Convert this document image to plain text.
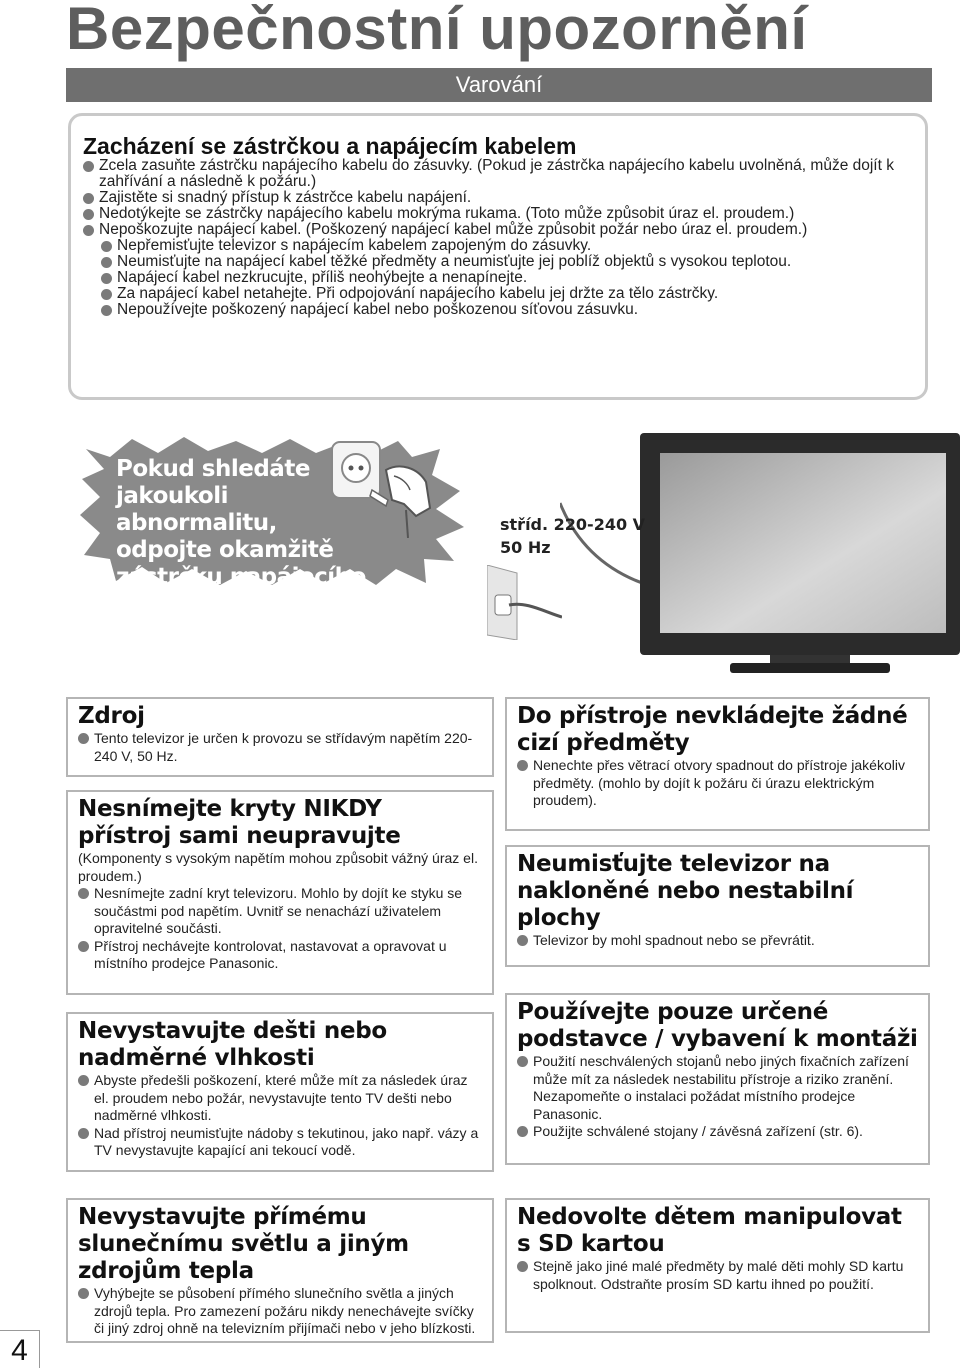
Bezpečnostní upozornění
Varování
Zacházení se zástrčkou a napájecím kabelem
Zcela zasuňte zástrčku napájecího kabelu do zásuvky. (Pokud je zástrčka napájecího kabelu uvolněná, může dojít k zahřívání a následně k požáru.)
Zajistěte si snadný přístup k zástrčce kabelu napájení.
Nedotýkejte se zástrčky napájecího kabelu mokrýma rukama. (Toto může způsobit úraz el. proudem.)
Nepoškozujte napájecí kabel. (Poškozený napájecí kabel může způsobit požár nebo úraz el. proudem.)
Nepřemisťujte televizor s napájecím kabelem zapojeným do zásuvky.
Neumisťujte na napájecí kabel těžké předměty a neumisťujte jej poblíž objektů s vysokou teplotou.
Napájecí kabel nezkrucujte, příliš neohýbejte a nenapínejte.
Za napájecí kabel netahejte. Při odpojování napájecího kabelu jej držte za tělo zástrčky.
Nepoužívejte poškozený napájecí kabel nebo poškozenou síťovou zásuvku.
Pokud shledáte jakoukoli abnormalitu, odpojte okamžitě zástrčku napájecího kabelu.
stříd. 220-240 V
50 Hz
Zdroj
Tento televizor je určen k provozu se střídavým napětím 220-240 V, 50 Hz.
Nesnímejte kryty NIKDY přístroj sami neupravujte

(Komponenty s vysokým napětím mohou způsobit vážný úraz el. proudem.)

Nesnímejte zadní kryt televizoru. Mohlo by dojít ke styku se součástmi pod napětím. Uvnitř se nenachází uživatelem opravitelné součásti.
Přístroj nechávejte kontrolovat, nastavovat a opravovat u místního prodejce Panasonic.
Nevystavujte dešti nebo nadměrné vlhkosti
Abyste předešli poškození, které může mít za následek úraz el. proudem nebo požár, nevystavujte tento TV dešti nebo nadměrné vlhkosti.
Nad přístroj neumisťujte nádoby s tekutinou, jako např. vázy a TV nevystavujte kapající ani tekoucí vodě.
Nevystavujte přímému slunečnímu světlu a jiným zdrojům tepla
Vyhýbejte se působení přímého slunečního světla a jiných zdrojů tepla. Pro zamezení požáru nikdy nenechávejte svíčky či jiný zdroj ohně na televizním přijímači nebo v jeho blízkosti.
Do přístroje nevkládejte žádné cizí předměty
Nenechte přes větrací otvory spadnout do přístroje jakékoliv předměty. (mohlo by dojít k požáru či úrazu elektrickým proudem).
Neumisťujte televizor na nakloněné nebo nestabilní plochy
Televizor by mohl spadnout nebo se převrátit.
Používejte pouze určené podstavce / vybavení k montáži
Použití neschválených stojanů nebo jiných fixačních zařízení může mít za následek nestabilitu přístroje a riziko zranění. Nezapomeňte o instalaci požádat místního prodejce Panasonic.
Použijte schválené stojany / závěsná zařízení (str. 6).
Nedovolte dětem manipulovat s SD kartou
Stejně jako jiné malé předměty by malé děti mohly SD kartu spolknout. Odstraňte prosím SD kartu ihned po použití.
4
